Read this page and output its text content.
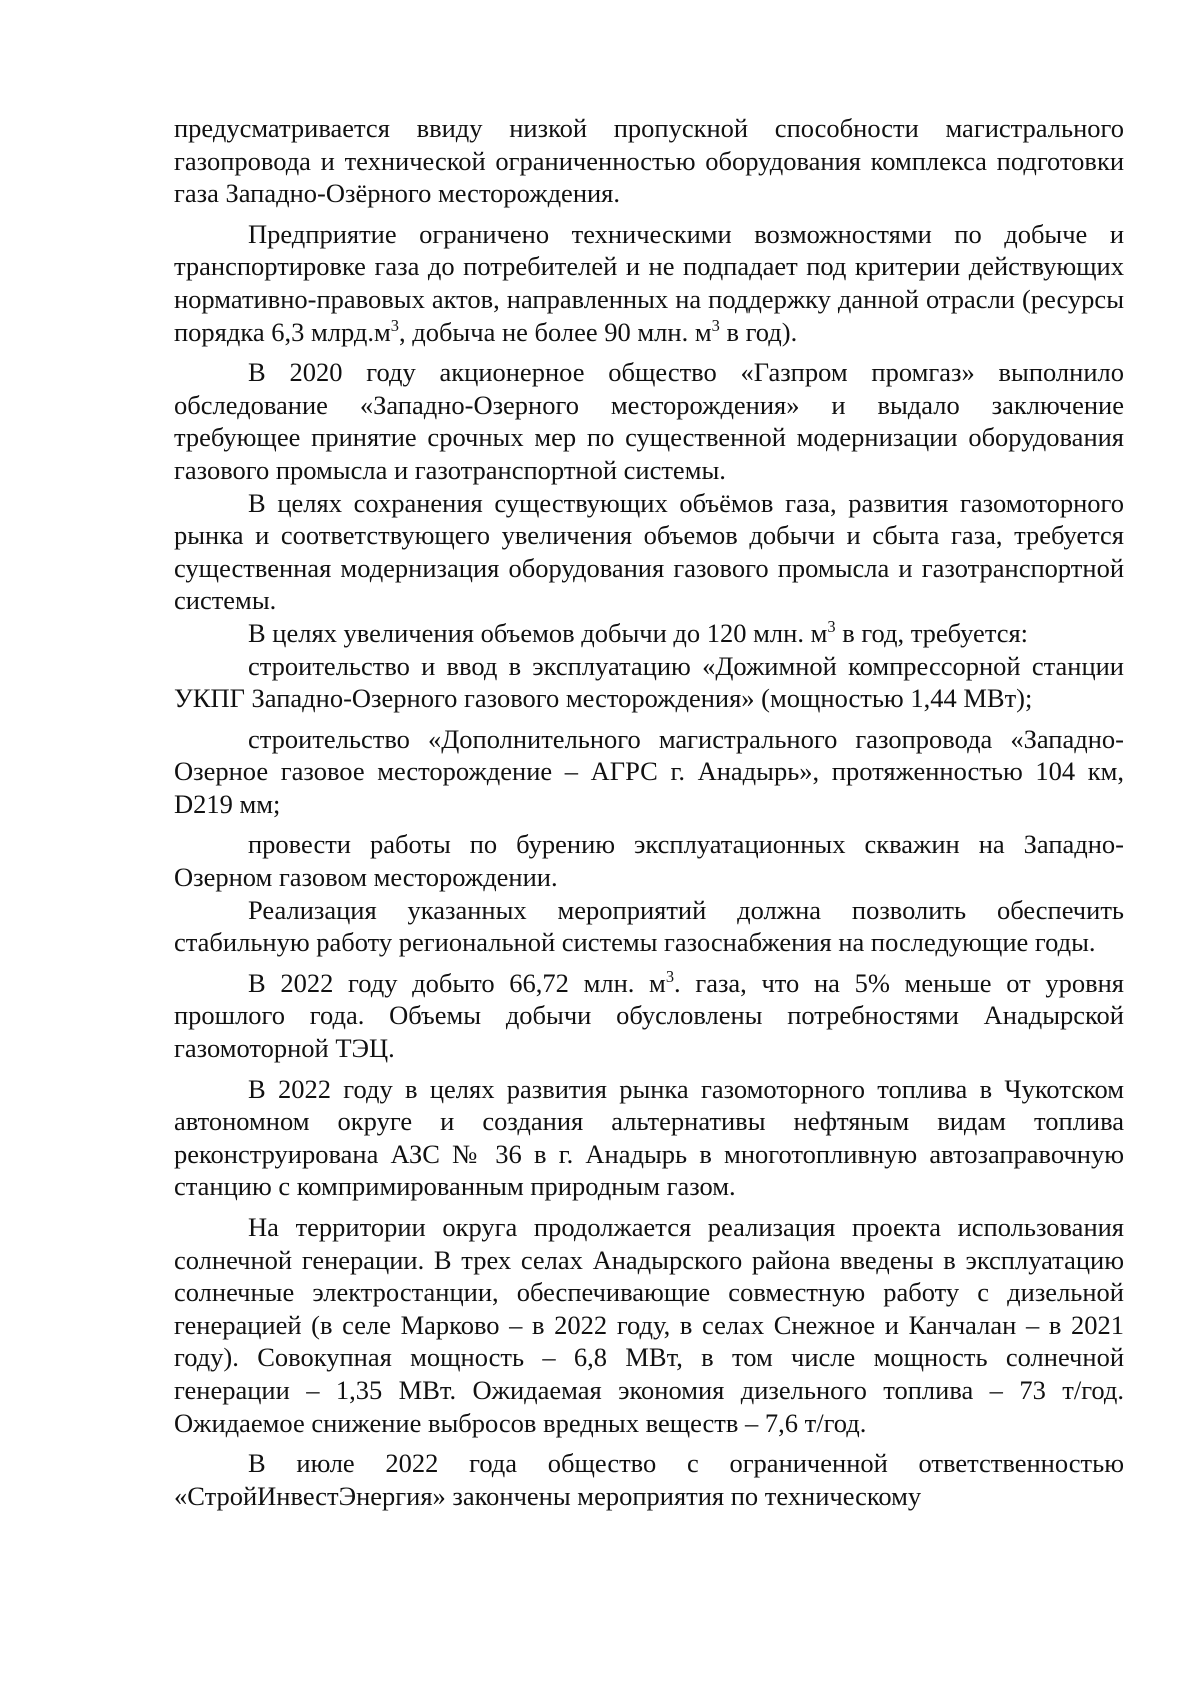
предусматривается ввиду низкой пропускной способности магистрального газопровода и технической ограниченностью оборудования комплекса подготовки газа Западно-Озёрного месторождения.

Предприятие ограничено техническими возможностями по добыче и транспортировке газа до потребителей и не подпадает под критерии действующих нормативно-правовых актов, направленных на поддержку данной отрасли (ресурсы порядка 6,3 $млрд.м^3$, добыча не более 90 млн. $м^3$ в год).

В 2020 году акционерное общество «Газпром промгаз» выполнило обследование «Западно-Озерного месторождения» и выдало заключение требующее принятие срочных мер по существенной модернизации оборудования газового промысла и газотранспортной системы.

В целях сохранения существующих объёмов газа, развития газомоторного рынка и соответствующего увеличения объемов добычи и сбыта газа, требуется существенная модернизация оборудования газового промысла и газотранспортной системы.

В целях увеличения объемов добычи до 120 млн. $м^3$ в год, требуется:

строительство и ввод в эксплуатацию «Дожимной компрессорной станции УКПГ Западно-Озерного газового месторождения» (мощностью 1,44 МВт);

строительство «Дополнительного магистрального газопровода «Западно-Озерное газовое месторождение – АГРС г. Анадырь», протяженностью 104 км, D219 мм;

провести работы по бурению эксплуатационных скважин на Западно-Озерном газовом месторождении.

Реализация указанных мероприятий должна позволить обеспечить стабильную работу региональной системы газоснабжения на последующие годы.

В 2022 году добыто 66,72 млн. $м^3$. газа, что на 5% меньше от уровня прошлого года. Объемы добычи обусловлены потребностями Анадырской газомоторной ТЭЦ.

В 2022 году в целях развития рынка газомоторного топлива в Чукотском автономном округе и создания альтернативы нефтяным видам топлива реконструирована АЗС № 36 в г. Анадырь в многотопливную автозаправочную станцию с компримированным природным газом.

На территории округа продолжается реализация проекта использования солнечной генерации. В трех селах Анадырского района введены в эксплуатацию солнечные электростанции, обеспечивающие совместную работу с дизельной генерацией (в селе Марково – в 2022 году, в селах Снежное и Канчалан – в 2021 году). Совокупная мощность – 6,8 МВт, в том числе мощность солнечной генерации – 1,35 МВт. Ожидаемая экономия дизельного топлива – 73 т/год. Ожидаемое снижение выбросов вредных веществ – 7,6 т/год.

В июле 2022 года общество с ограниченной ответственностью «СтройИнвестЭнергия» закончены мероприятия по техническому
